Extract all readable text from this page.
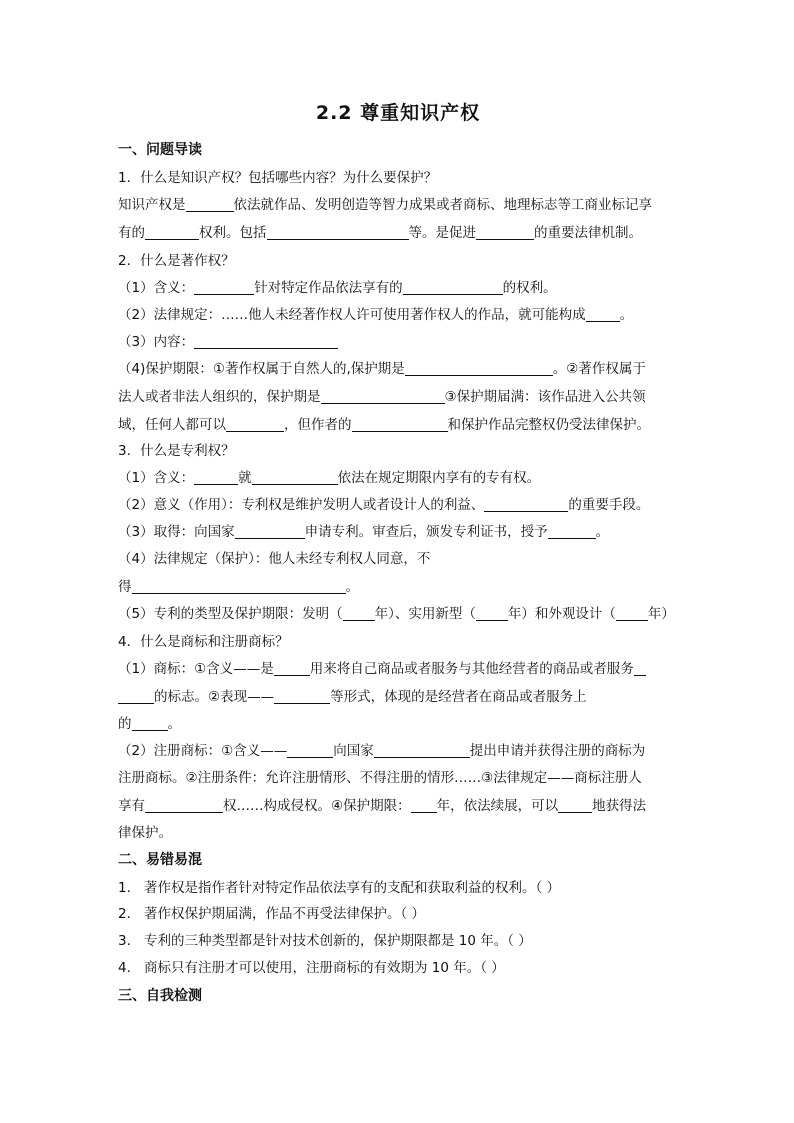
2.2 尊重知识产权
一、问题导读
1．什么是知识产权？包括哪些内容？为什么要保护？
知识产权是	依法就作品、发明创造等智力成果或者商标、地理标志等工商业标记享
有的	权利。包括	等。是促进	的重要法律机制。
2．什么是著作权？
（1）含义：	针对特定作品依法享有的	的权利。
（2）法律规定：……他人未经著作权人许可使用著作权人的作品，就可能构成	。
（3）内容：
（4)保护期限：①著作权属于自然人的,保护期是	。②著作权属于
法人或者非法人组织的，保护期是	③保护期届满：该作品进入公共领
域，任何人都可以	，但作者的	和保护作品完整权仍受法律保护。
3．什么是专利权？
（1）含义：	就	依法在规定期限内享有的专有权。
（2）意义（作用）：专利权是维护发明人或者设计人的利益、	的重要手段。
（3）取得：向国家	申请专利。审查后，颁发专利证书，授予	。
（4）法律规定（保护）：他人未经专利权人同意，不
得	。
（5）专利的类型及保护期限：发明（ 年）、实用新型（ 年）和外观设计（ 年）
4．什么是商标和注册商标？
（1）商标：①含义——是	用来将自己商品或者服务与其他经营者的商品或者服务
的标志。②表现——	等形式，体现的是经营者在商品或者服务上
的	。
（2）注册商标：①含义——	向国家	提出申请并获得注册的商标为
注册商标。②注册条件：允许注册情形、不得注册的情形……③法律规定——商标注册人
享有	权……构成侵权。④保护期限： 年，依法续展，可以	地获得法
律保护。
二、易错易混
1. 著作权是指作者针对特定作品依法享有的支配和获取利益的权利。（ ）
2. 著作权保护期届满，作品不再受法律保护。（ ）
3. 专利的三种类型都是针对技术创新的，保护期限都是 10 年。（ ）
4. 商标只有注册才可以使用，注册商标的有效期为 10 年。（ ）
三、自我检测
